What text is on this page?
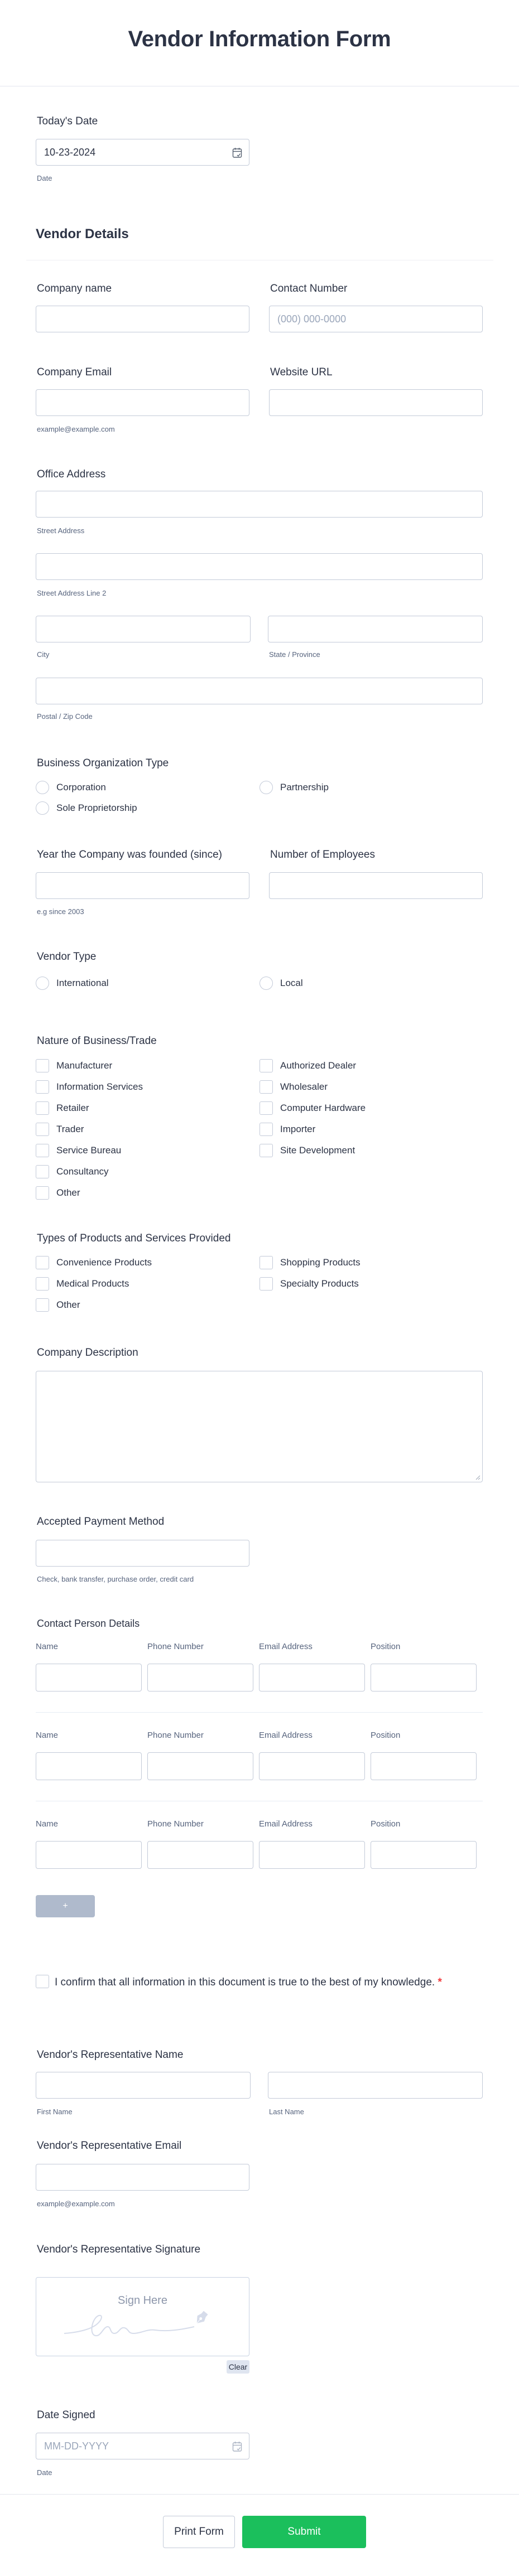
Vendor Information Form
Today's Date
10-23-2024
Date
Vendor Details
Company name	Contact Number
(000) 000-0000
Company Email
example@example.com
Website URL
Office Address
Street Address
Street Address Line 2
City	State / Province
Postal / Zip Code
Business Organization Type
Corporation	Partnership
Sole Proprietorship
Year the Company was founded (since)
e.g since 2003
Number of Employees
Vendor Type
International	Local
Nature of Business/Trade
Manufacturer	Authorized Dealer
Information Services	Wholesaler
Retailer	Computer Hardware
Trader	Importer
Service Bureau	Site Development
Consultancy
Other
Types of Products and Services Provided
Convenience Products	Shopping Products
Medical Products	Specialty Products
Other
Company Description
Accepted Payment Method
Check, bank transfer, purchase order, credit card
Contact Person Details
Name	Phone Number	Email Address	Position
Name	Phone Number	Email Address	Position
Name	Phone Number	Email Address	Position
+
I confirm that all information in this document is true to the best of my knowledge. *
Vendor's Representative Name
First Name	Last Name
Vendor's Representative Email
example@example.com
Vendor's Representative Signature
Sign Here
Clear
Date Signed
MM-DD-YYYY
Date
Print Form	Submit
